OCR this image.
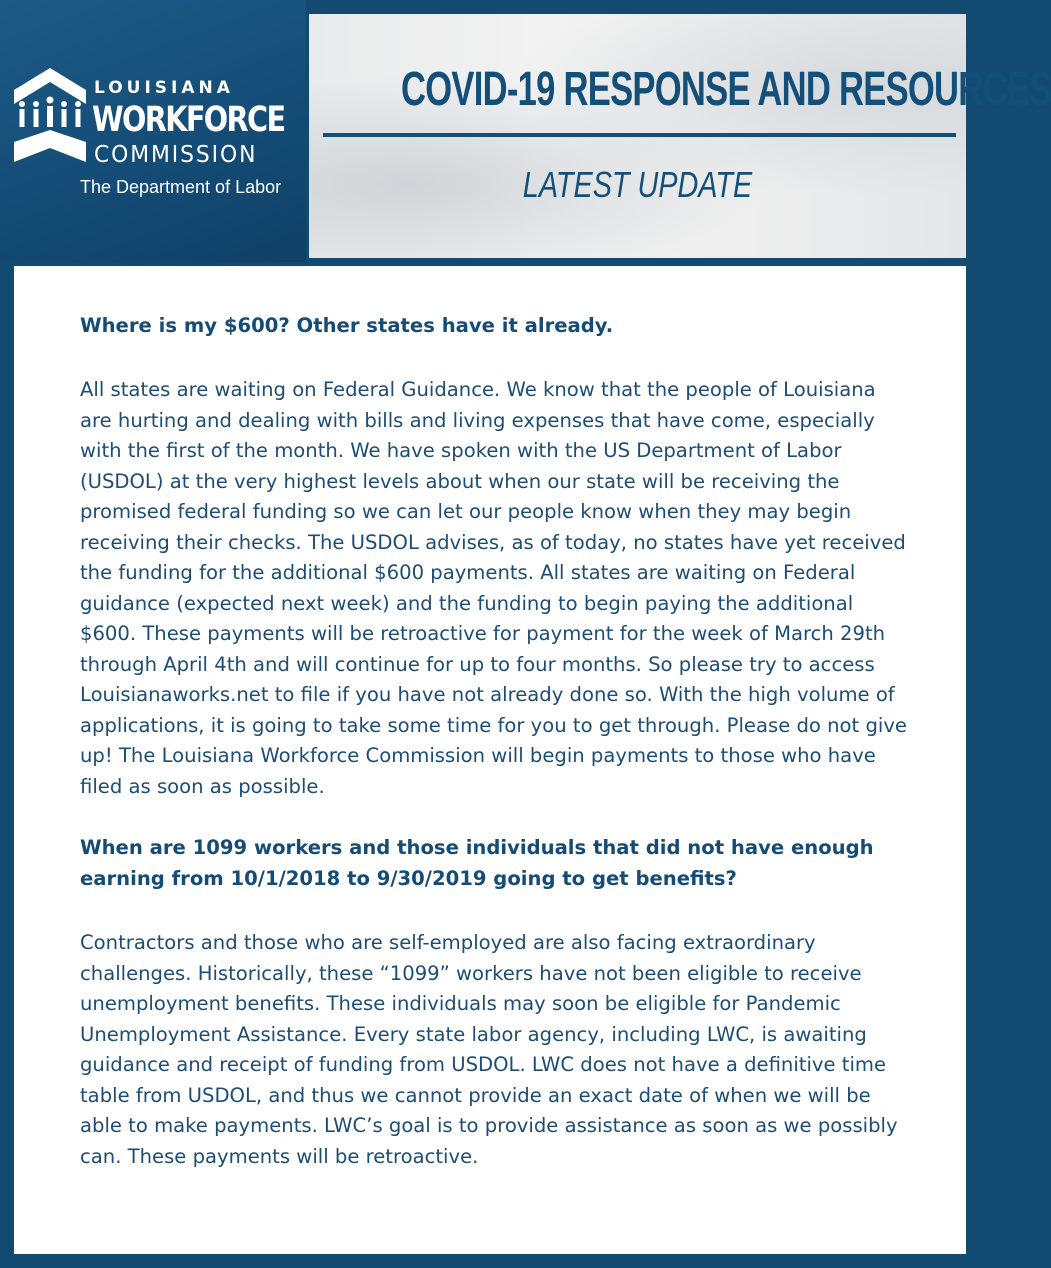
LOUISIANA
WORKFORCE
COMMISSION
The Department of Labor
COVID-19 RESPONSE AND RESOURCES
LATEST UPDATE

Where is my $600? Other states have it already.

All states are waiting on Federal Guidance. We know that the people of Louisiana are hurting and dealing with bills and living expenses that have come, especially with the first of the month. We have spoken with the US Department of Labor (USDOL) at the very highest levels about when our state will be receiving the promised federal funding so we can let our people know when they may begin receiving their checks. The USDOL advises, as of today, no states have yet received the funding for the additional $600 payments. All states are waiting on Federal guidance (expected next week) and the funding to begin paying the additional $600. These payments will be retroactive for payment for the week of March 29th through April 4th and will continue for up to four months. So please try to access Louisianaworks.net to file if you have not already done so. With the high volume of applications, it is going to take some time for you to get through. Please do not give up! The Louisiana Workforce Commission will begin payments to those who have filed as soon as possible.

When are 1099 workers and those individuals that did not have enough earning from 10/1/2018 to 9/30/2019 going to get benefits?

Contractors and those who are self-employed are also facing extraordinary challenges. Historically, these “1099” workers have not been eligible to receive unemployment benefits. These individuals may soon be eligible for Pandemic Unemployment Assistance. Every state labor agency, including LWC, is awaiting guidance and receipt of funding from USDOL. LWC does not have a definitive time table from USDOL, and thus we cannot provide an exact date of when we will be able to make payments. LWC’s goal is to provide assistance as soon as we possibly can. These payments will be retroactive.
